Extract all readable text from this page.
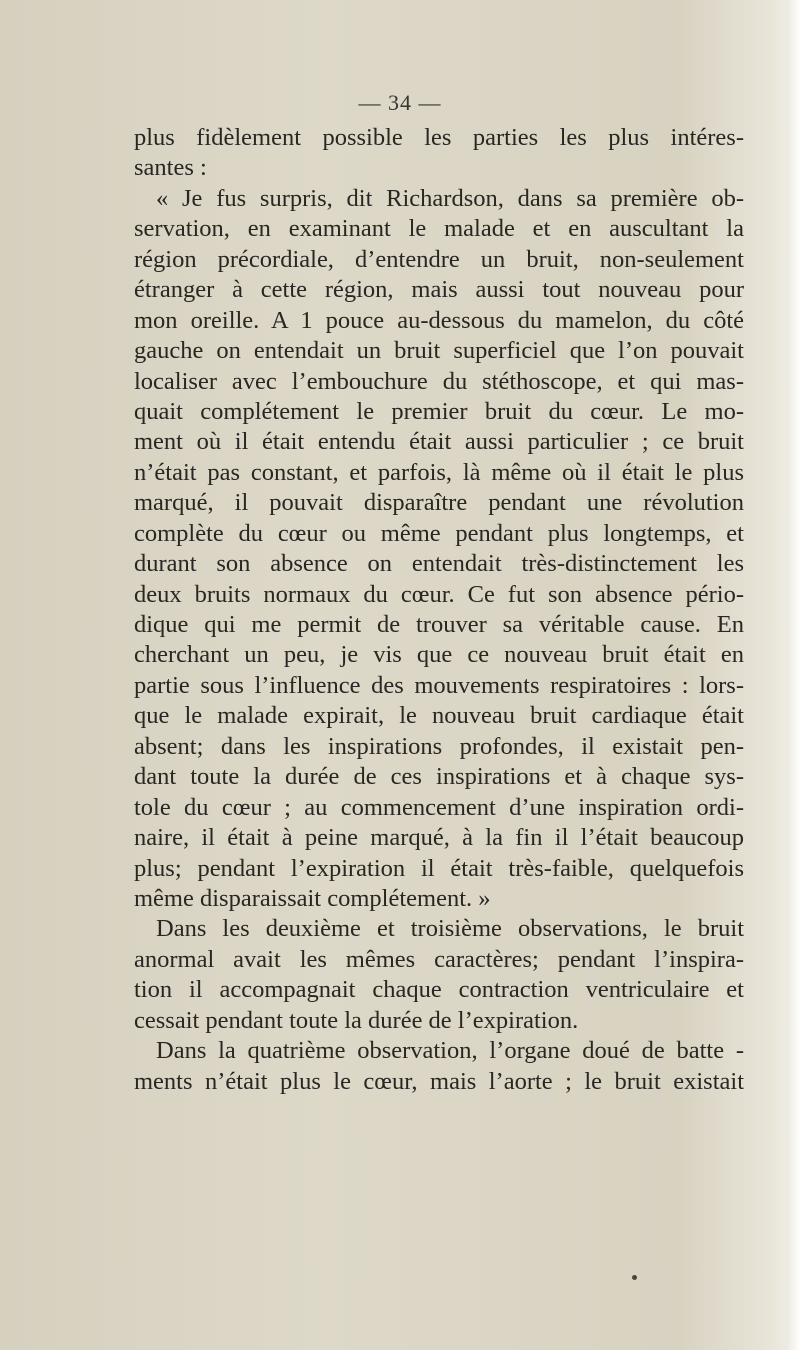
— 34 —
plus fidèlement possible les parties les plus intéres-
santes :
« Je fus surpris, dit Richardson, dans sa première ob-
servation, en examinant le malade et en auscultant la
région précordiale, d’entendre un bruit, non-seulement
étranger à cette région, mais aussi tout nouveau pour
mon oreille. A 1 pouce au-dessous du mamelon, du côté
gauche on entendait un bruit superficiel que l’on pouvait
localiser avec l’embouchure du stéthoscope, et qui mas-
quait complétement le premier bruit du cœur. Le mo-
ment où il était entendu était aussi particulier ; ce bruit
n’était pas constant, et parfois, là même où il était le plus
marqué, il pouvait disparaître pendant une révolution
complète du cœur ou même pendant plus longtemps, et
durant son absence on entendait très-distinctement les
deux bruits normaux du cœur. Ce fut son absence pério-
dique qui me permit de trouver sa véritable cause. En
cherchant un peu, je vis que ce nouveau bruit était en
partie sous l’influence des mouvements respiratoires : lors-
que le malade expirait, le nouveau bruit cardiaque était
absent; dans les inspirations profondes, il existait pen-
dant toute la durée de ces inspirations et à chaque sys-
tole du cœur ; au commencement d’une inspiration ordi-
naire, il était à peine marqué, à la fin il l’était beaucoup
plus; pendant l’expiration il était très-faible, quelquefois
même disparaissait complétement. »
Dans les deuxième et troisième observations, le bruit
anormal avait les mêmes caractères; pendant l’inspira-
tion il accompagnait chaque contraction ventriculaire et
cessait pendant toute la durée de l’expiration.
Dans la quatrième observation, l’organe doué de batte -
ments n’était plus le cœur, mais l’aorte ; le bruit existait
